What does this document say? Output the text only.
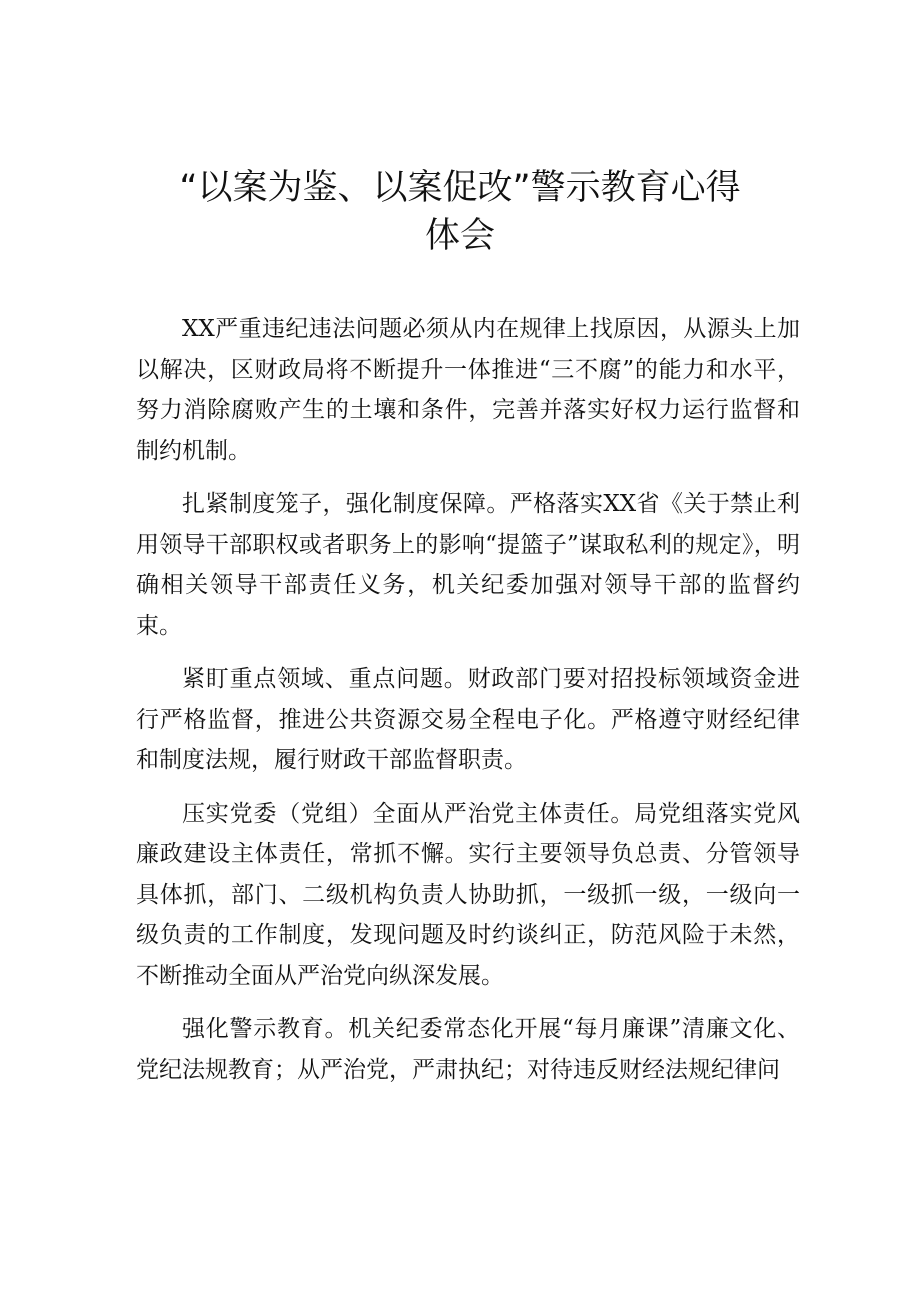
“以案为鉴、以案促改”警示教育心得体会

XX严重违纪违法问题必须从内在规律上找原因，从源头上加以解决，区财政局将不断提升一体推进“三不腐”的能力和水平，努力消除腐败产生的土壤和条件，完善并落实好权力运行监督和制约机制。

扎紧制度笼子，强化制度保障。严格落实XX省《关于禁止利用领导干部职权或者职务上的影响“提篮子”谋取私利的规定》，明确相关领导干部责任义务，机关纪委加强对领导干部的监督约束。

紧盯重点领域、重点问题。财政部门要对招投标领域资金进行严格监督，推进公共资源交易全程电子化。严格遵守财经纪律和制度法规，履行财政干部监督职责。

压实党委（党组）全面从严治党主体责任。局党组落实党风廉政建设主体责任，常抓不懈。实行主要领导负总责、分管领导具体抓，部门、二级机构负责人协助抓，一级抓一级，一级向一级负责的工作制度，发现问题及时约谈纠正，防范风险于未然，不断推动全面从严治党向纵深发展。

强化警示教育。机关纪委常态化开展“每月廉课”清廉文化、党纪法规教育；从严治党，严肃执纪；对待违反财经法规纪律问
